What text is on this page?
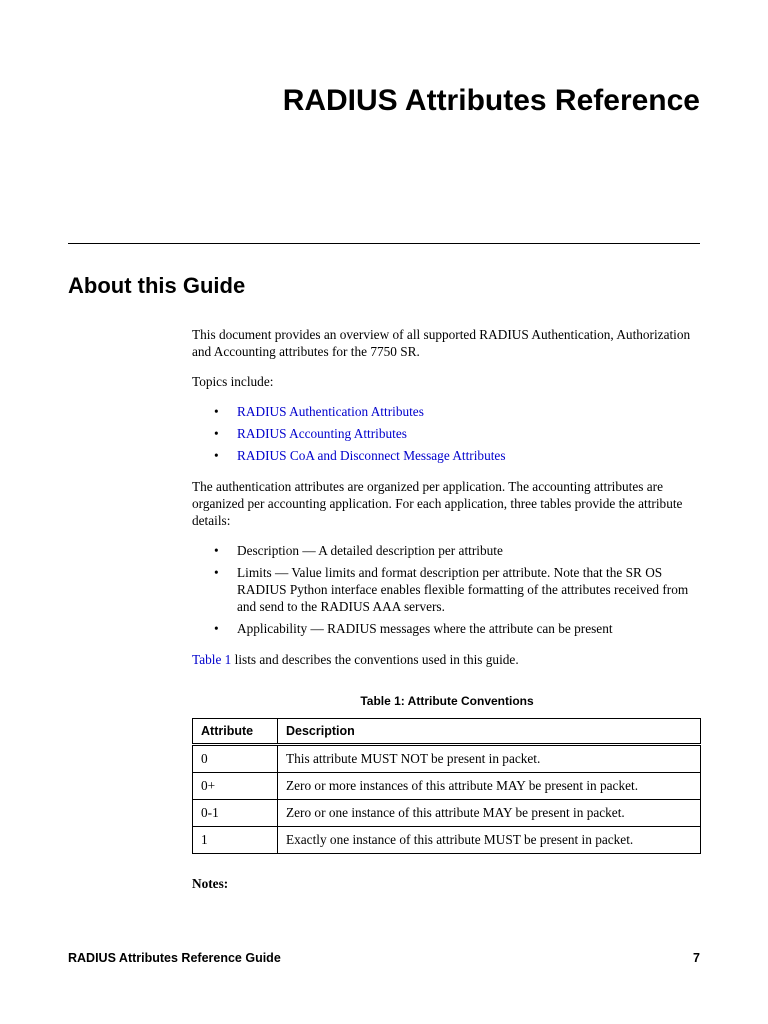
RADIUS Attributes Reference
About this Guide

This document provides an overview of all supported RADIUS Authentication, Authorization and Accounting attributes for the 7750 SR.

Topics include:

• RADIUS Authentication Attributes
• RADIUS Accounting Attributes
• RADIUS CoA and Disconnect Message Attributes

The authentication attributes are organized per application. The accounting attributes are organized per accounting application. For each application, three tables provide the attribute details:

• Description — A detailed description per attribute
• Limits — Value limits and format description per attribute. Note that the SR OS RADIUS Python interface enables flexible formatting of the attributes received from and send to the RADIUS AAA servers.
• Applicability — RADIUS messages where the attribute can be present

Table 1 lists and describes the conventions used in this guide.

Table 1: Attribute Conventions
Attribute	Description
0	This attribute MUST NOT be present in packet.
0+	Zero or more instances of this attribute MAY be present in packet.
0-1	Zero or one instance of this attribute MAY be present in packet.
1	Exactly one instance of this attribute MUST be present in packet.
Notes:
RADIUS Attributes Reference Guide	7
